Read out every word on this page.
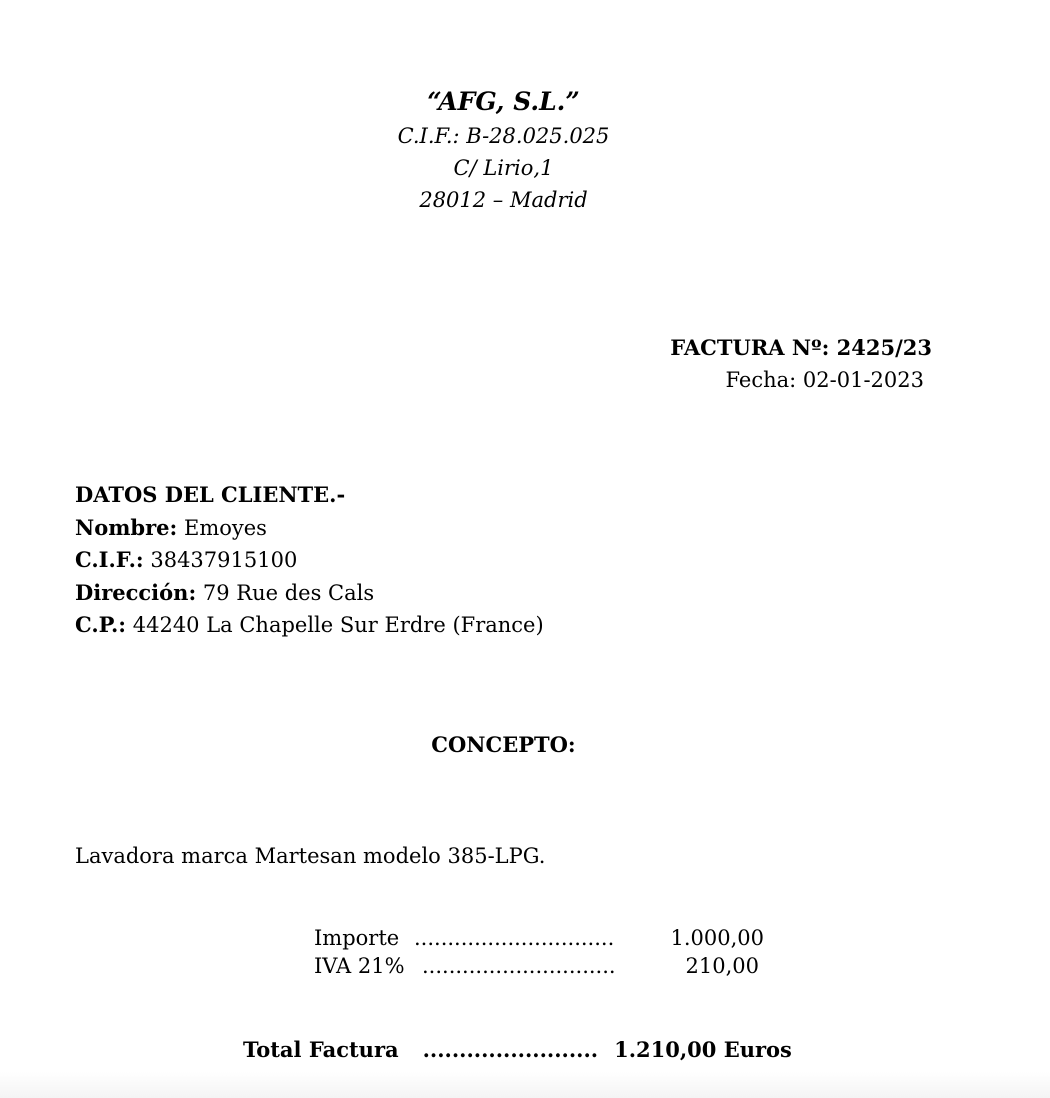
“AFG, S.L.”
C.I.F.: B-28.025.025
C/ Lirio,1
28012 – Madrid
FACTURA Nº: 2425/23
Fecha: 02-01-2023
DATOS DEL CLIENTE.-
Nombre: Emoyes
C.I.F.: 38437915100
Dirección: 79 Rue des Cals
C.P.: 44240 La Chapelle Sur Erdre (France)
CONCEPTO:
Lavadora marca Martesan modelo 385-LPG.
Importe ..............................	1.000,00
IVA 21% .............................	210,00
Total Factura ........................ 1.210,00 Euros
